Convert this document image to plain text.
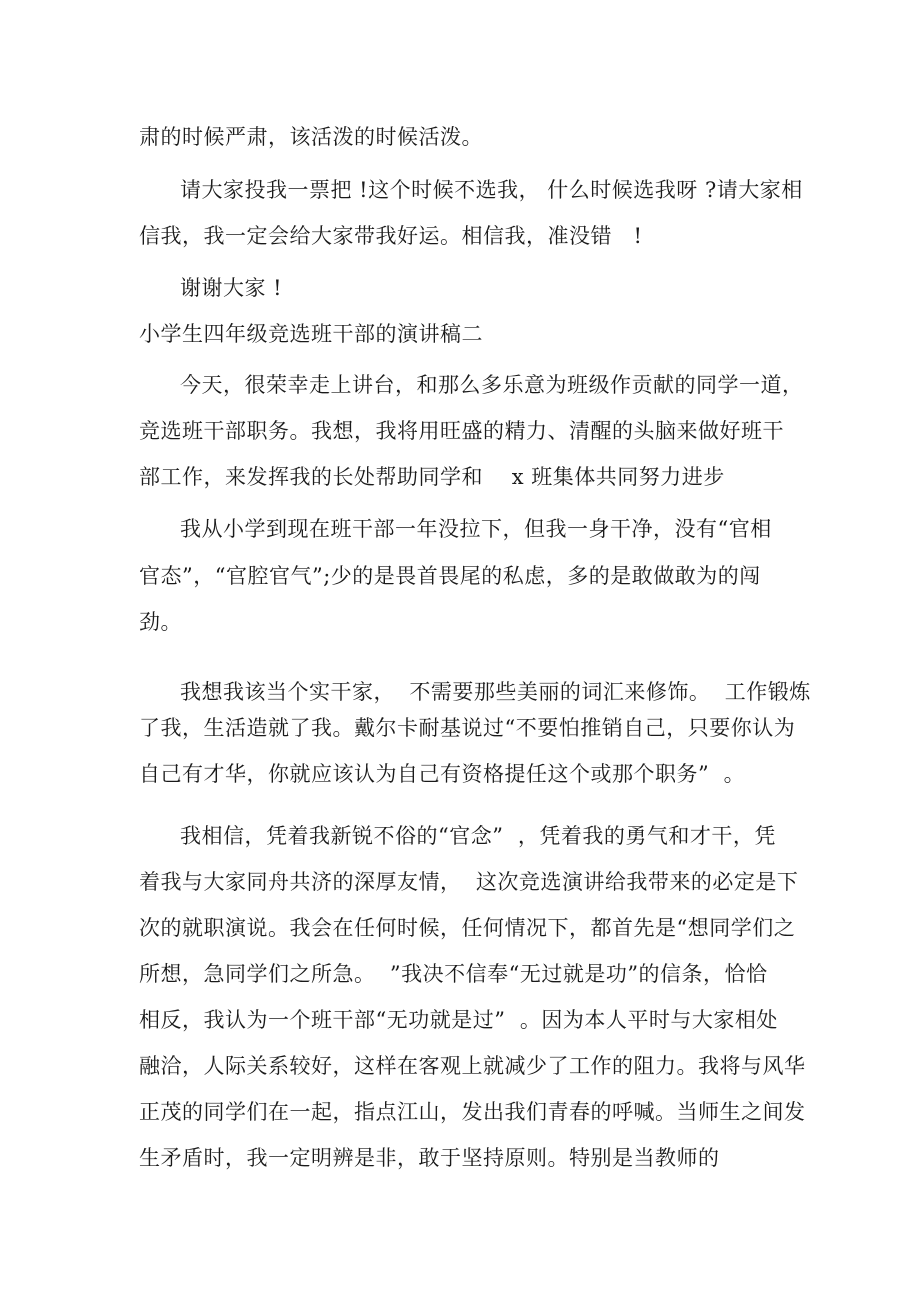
肃的时候严肃，该活泼的时候活泼。
请大家投我一票把 !这个时候不选我， 什么时候选我呀 ?请大家相
信我，我一定会给大家带我好运。相信我，准没错   !
谢谢大家 !
小学生四年级竞选班干部的演讲稿二
今天，很荣幸走上讲台，和那么多乐意为班级作贡献的同学一道，
竞选班干部职务。我想，我将用旺盛的精力、清醒的头脑来做好班干
部工作，来发挥我的长处帮助同学和    x 班集体共同努力进步
我从小学到现在班干部一年没拉下，但我一身干净，没有“官相
官态”，“官腔官气”;少的是畏首畏尾的私虑，多的是敢做敢为的闯
劲。
我想我该当个实干家，  不需要那些美丽的词汇来修饰。  工作锻炼
了我，生活造就了我。戴尔卡耐基说过“不要怕推销自己，只要你认为
自己有才华，你就应该认为自己有资格提任这个或那个职务”  。
我相信，凭着我新锐不俗的“官念”  ，凭着我的勇气和才干，凭
着我与大家同舟共济的深厚友情，  这次竞选演讲给我带来的必定是下
次的就职演说。我会在任何时候，任何情况下，都首先是“想同学们之
所想，急同学们之所急。  ”我决不信奉“无过就是功”的信条，恰恰
相反，我认为一个班干部“无功就是过”  。因为本人平时与大家相处
融洽，人际关系较好，这样在客观上就减少了工作的阻力。我将与风华
正茂的同学们在一起，指点江山，发出我们青春的呼喊。当师生之间发
生矛盾时，我一定明辨是非，敢于坚持原则。特别是当教师的
